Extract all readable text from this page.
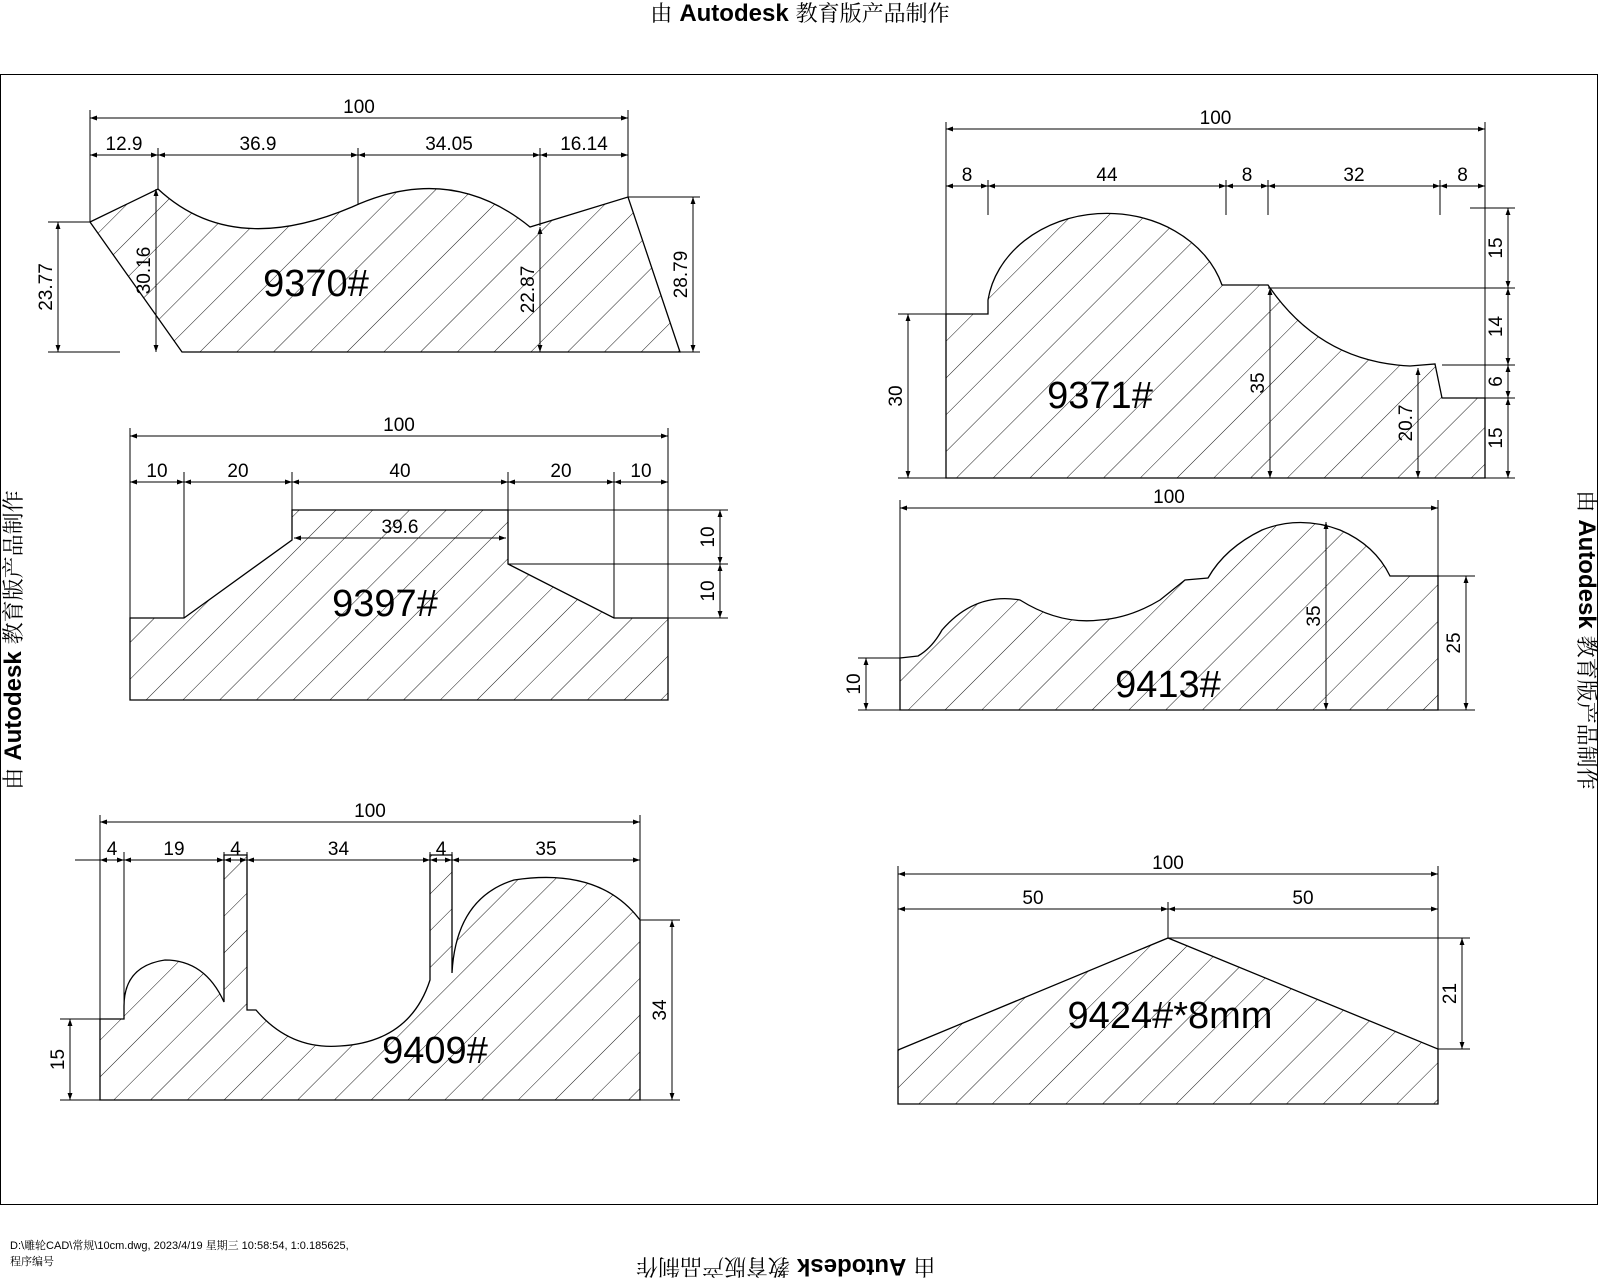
由 Autodesk 教育版产品制作
由 Autodesk 教育版产品制作	由 Autodesk 教育版产品制作
由 Autodesk 教育版产品制作
100
12.9	36.9	34.05	16.14
23.77	30.16	22.87	28.79
9370#
100
8	44	8	32	8
15
14
6
15
30
35
20.7
9371#
100
10	20	40	20	10
39.6	10
10
9397#
100
10
35
25
9413#
100
4 19 4	34	4	35
15
34
9409#
100
50	50
21
9424#*8mm
D:\雕轮CAD\常规\10cm.dwg, 2023/4/19 星期三 10:58:54, 1:0.185625,
程序编号
